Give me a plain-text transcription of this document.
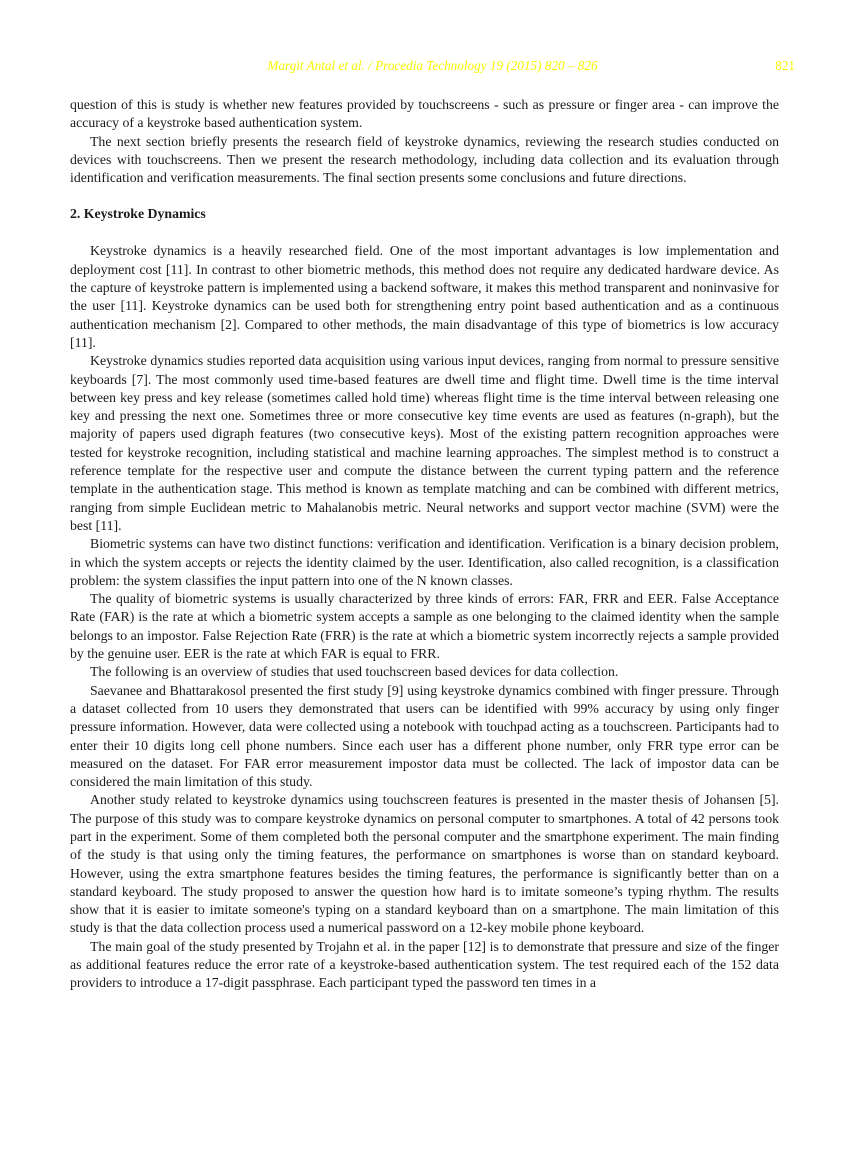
Margit Antal et al. / Procedia Technology 19 (2015) 820 – 826	821

question of this is study is whether new features provided by touchscreens - such as pressure or finger area - can improve the accuracy of a keystroke based authentication system.

The next section briefly presents the research field of keystroke dynamics, reviewing the research studies conducted on devices with touchscreens. Then we present the research methodology, including data collection and its evaluation through identification and verification measurements. The final section presents some conclusions and future directions.

2. Keystroke Dynamics

Keystroke dynamics is a heavily researched field. One of the most important advantages is low implementation and deployment cost [11]. In contrast to other biometric methods, this method does not require any dedicated hardware device. As the capture of keystroke pattern is implemented using a backend software, it makes this method transparent and noninvasive for the user [11]. Keystroke dynamics can be used both for strengthening entry point based authentication and as a continuous authentication mechanism [2]. Compared to other methods, the main disadvantage of this type of biometrics is low accuracy [11].

Keystroke dynamics studies reported data acquisition using various input devices, ranging from normal to pressure sensitive keyboards [7]. The most commonly used time-based features are dwell time and flight time. Dwell time is the time interval between key press and key release (sometimes called hold time) whereas flight time is the time interval between releasing one key and pressing the next one. Sometimes three or more consecutive key time events are used as features (n-graph), but the majority of papers used digraph features (two consecutive keys). Most of the existing pattern recognition approaches were tested for keystroke recognition, including statistical and machine learning approaches. The simplest method is to construct a reference template for the respective user and compute the distance between the current typing pattern and the reference template in the authentication stage. This method is known as template matching and can be combined with different metrics, ranging from simple Euclidean metric to Mahalanobis metric. Neural networks and support vector machine (SVM) were the best [11].

Biometric systems can have two distinct functions: verification and identification. Verification is a binary decision problem, in which the system accepts or rejects the identity claimed by the user. Identification, also called recognition, is a classification problem: the system classifies the input pattern into one of the N known classes.

The quality of biometric systems is usually characterized by three kinds of errors: FAR, FRR and EER. False Acceptance Rate (FAR) is the rate at which a biometric system accepts a sample as one belonging to the claimed identity when the sample belongs to an impostor. False Rejection Rate (FRR) is the rate at which a biometric system incorrectly rejects a sample provided by the genuine user. EER is the rate at which FAR is equal to FRR.

The following is an overview of studies that used touchscreen based devices for data collection.

Saevanee and Bhattarakosol presented the first study [9] using keystroke dynamics combined with finger pressure. Through a dataset collected from 10 users they demonstrated that users can be identified with 99% accuracy by using only finger pressure information. However, data were collected using a notebook with touchpad acting as a touchscreen. Participants had to enter their 10 digits long cell phone numbers. Since each user has a different phone number, only FRR type error can be measured on the dataset. For FAR error measurement impostor data must be collected. The lack of impostor data can be considered the main limitation of this study.

Another study related to keystroke dynamics using touchscreen features is presented in the master thesis of Johansen [5]. The purpose of this study was to compare keystroke dynamics on personal computer to smartphones. A total of 42 persons took part in the experiment. Some of them completed both the personal computer and the smartphone experiment. The main finding of the study is that using only the timing features, the performance on smartphones is worse than on standard keyboard. However, using the extra smartphone features besides the timing features, the performance is significantly better than on a standard keyboard. The study proposed to answer the question how hard is to imitate someone’s typing rhythm. The results show that it is easier to imitate someone's typing on a standard keyboard than on a smartphone. The main limitation of this study is that the data collection process used a numerical password on a 12-key mobile phone keyboard.

The main goal of the study presented by Trojahn et al. in the paper [12] is to demonstrate that pressure and size of the finger as additional features reduce the error rate of a keystroke-based authentication system. The test required each of the 152 data providers to introduce a 17-digit passphrase. Each participant typed the password ten times in a
